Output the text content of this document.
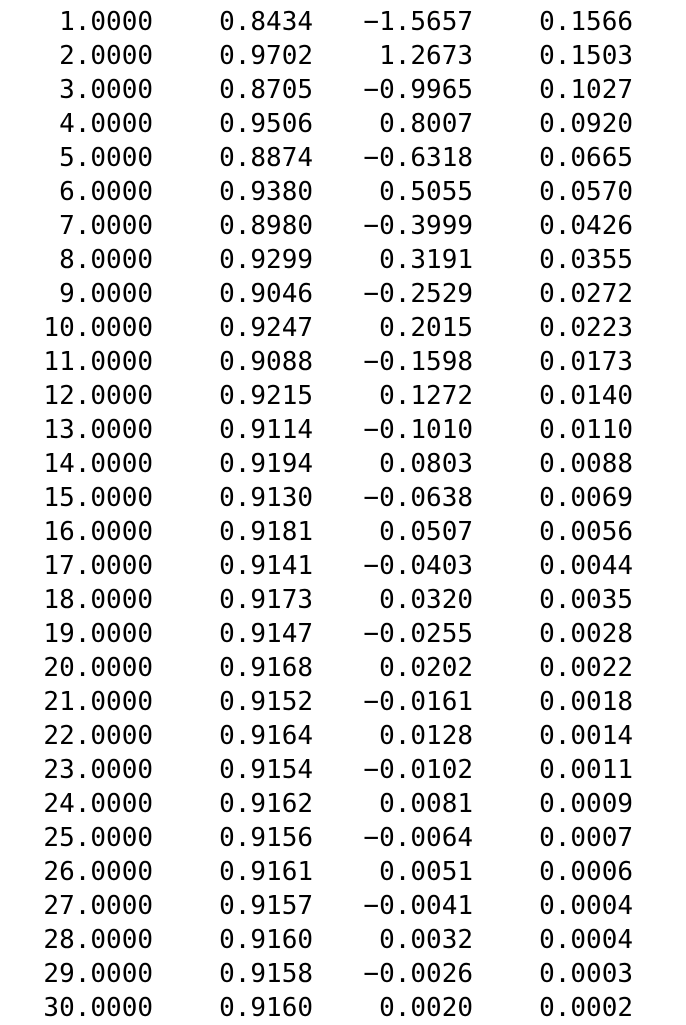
1.0000	0.8434 −1.5657	0.1566
2.0000	0.9702	1.2673	0.1503
3.0000	0.8705 −0.9965	0.1027
4.0000	0.9506	0.8007	0.0920
5.0000	0.8874 −0.6318	0.0665
6.0000	0.9380	0.5055	0.0570
7.0000	0.8980 −0.3999	0.0426
8.0000	0.9299	0.3191	0.0355
9.0000	0.9046 −0.2529	0.0272
10.0000	0.9247	0.2015	0.0223
11.0000	0.9088 −0.1598	0.0173
12.0000	0.9215	0.1272	0.0140
13.0000	0.9114 −0.1010	0.0110
14.0000	0.9194	0.0803	0.0088
15.0000	0.9130 −0.0638	0.0069
16.0000	0.9181	0.0507	0.0056
17.0000	0.9141 −0.0403	0.0044
18.0000	0.9173	0.0320	0.0035
19.0000	0.9147 −0.0255	0.0028
20.0000	0.9168	0.0202	0.0022
21.0000	0.9152 −0.0161	0.0018
22.0000	0.9164	0.0128	0.0014
23.0000	0.9154 −0.0102	0.0011
24.0000	0.9162	0.0081	0.0009
25.0000	0.9156 −0.0064	0.0007
26.0000	0.9161	0.0051	0.0006
27.0000	0.9157 −0.0041	0.0004
28.0000	0.9160	0.0032	0.0004
29.0000	0.9158 −0.0026	0.0003
30.0000	0.9160	0.0020	0.0002
